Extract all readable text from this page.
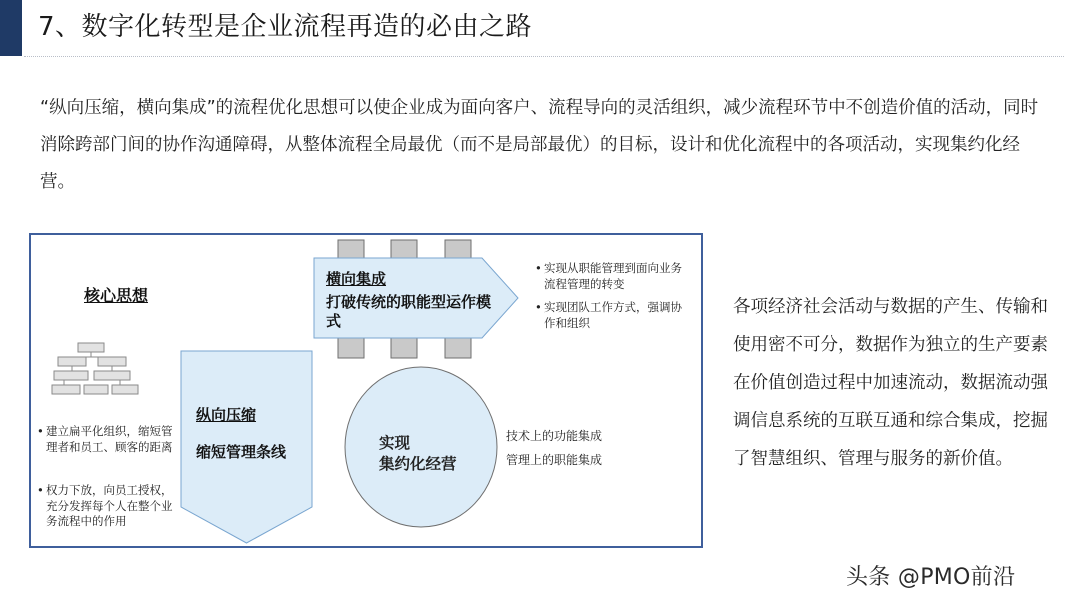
7、数字化转型是企业流程再造的必由之路
“纵向压缩，横向集成”的流程优化思想可以使企业成为面向客户、流程导向的灵活组织，减少流程环节中不创造价值的活动，同时消除跨部门间的协作沟通障碍，从整体流程全局最优（而不是局部最优）的目标，设计和优化流程中的各项活动，实现集约化经营。
核心思想
• 建立扁平化组织，缩短管理者和员工、顾客的距离
• 权力下放，向员工授权，充分发挥每个人在整个业务流程中的作用
纵向压缩
缩短管理条线
横向集成
打破传统的职能型运作模式
• 实现从职能管理到面向业务流程管理的转变
• 实现团队工作方式，强调协作和组织
实现
集约化经营
技术上的功能集成
管理上的职能集成
各项经济社会活动与数据的产生、传输和使用密不可分，数据作为独立的生产要素在价值创造过程中加速流动，数据流动强调信息系统的互联互通和综合集成，挖掘了智慧组织、管理与服务的新价值。
头条 @PMO前沿
